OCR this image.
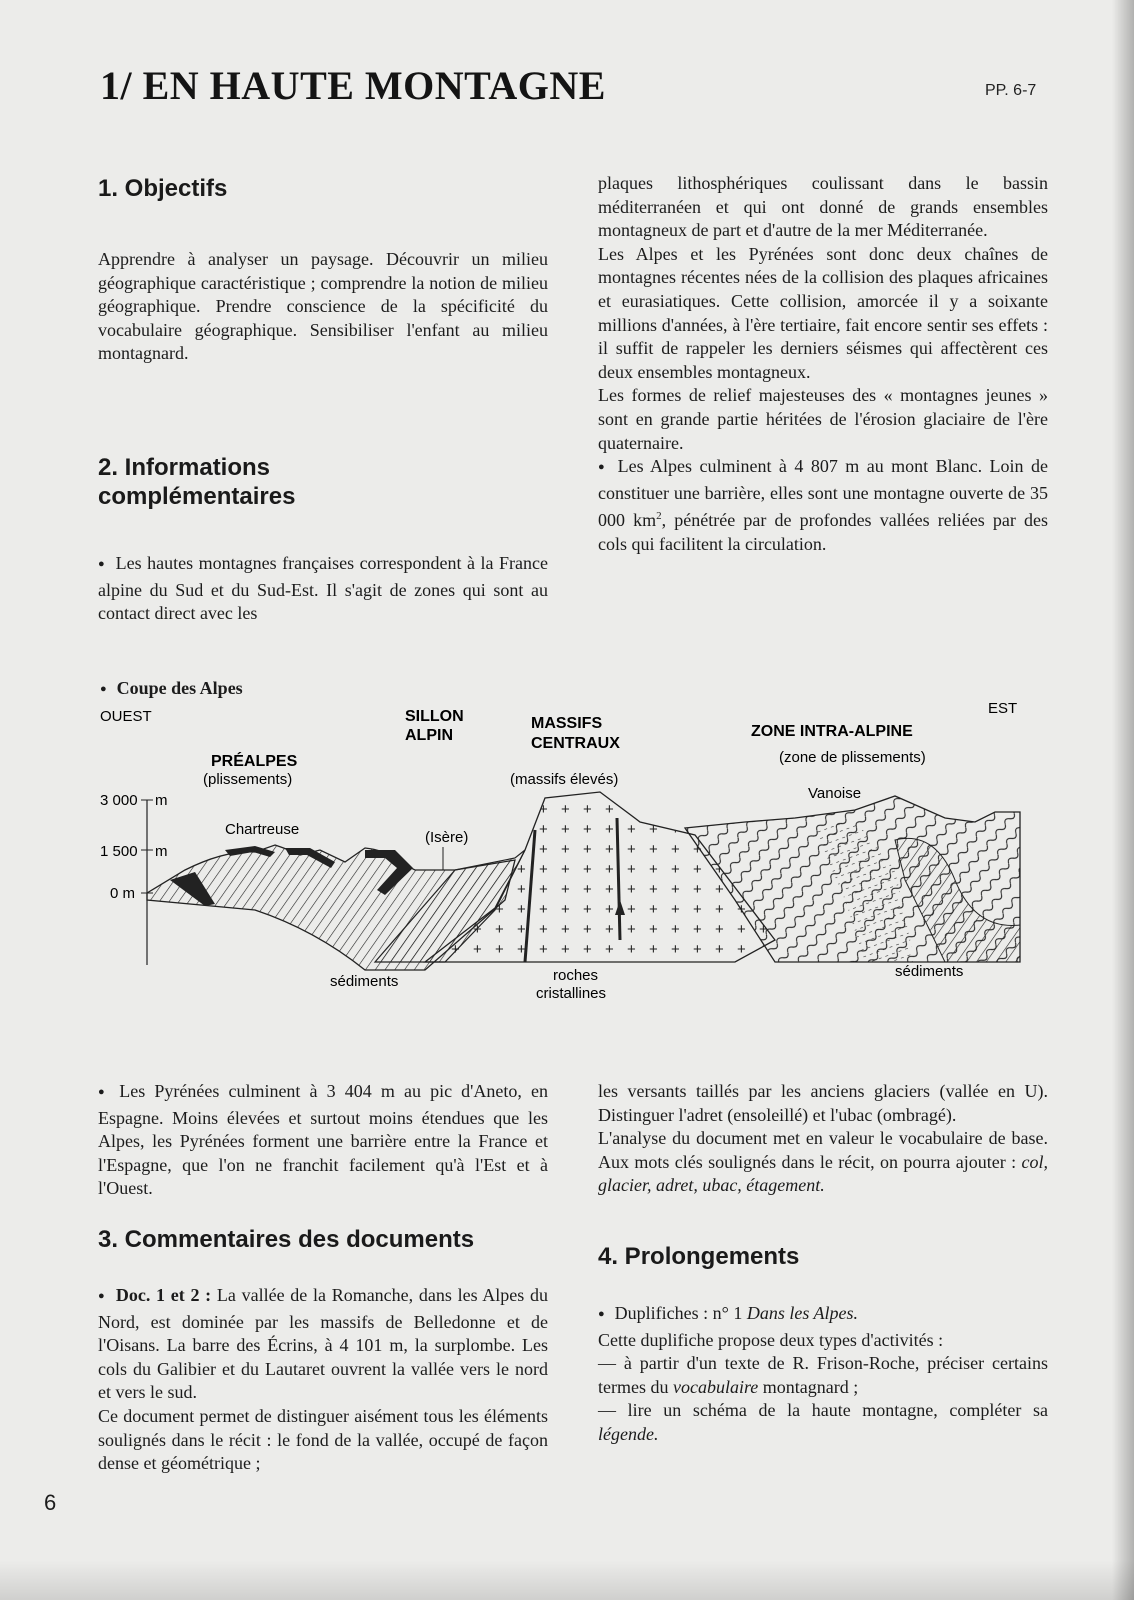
1/ EN HAUTE MONTAGNE	PP. 6-7
1. Objectifs

Apprendre à analyser un paysage. Découvrir un milieu géographique caractéristique ; comprendre la notion de milieu géographique. Prendre conscience de la spécificité du vocabulaire géographique. Sensibiliser l'enfant au milieu montagnard.

2. Informations
complémentaires

● Les hautes montagnes françaises correspondent à la France alpine du Sud et du Sud-Est. Il s'agit de zones qui sont au contact direct avec les

plaques lithosphériques coulissant dans le bassin méditerranéen et qui ont donné de grands ensembles montagneux de part et d'autre de la mer Méditerranée.

Les Alpes et les Pyrénées sont donc deux chaînes de montagnes récentes nées de la collision des plaques africaines et eurasiatiques. Cette collision, amorcée il y a soixante millions d'années, à l'ère tertiaire, fait encore sentir ses effets : il suffit de rappeler les derniers séismes qui affectèrent ces deux ensembles montagneux.

Les formes de relief majesteuses des « montagnes jeunes » sont en grande partie héritées de l'érosion glaciaire de l'ère quaternaire.

● Les Alpes culminent à 4 807 m au mont Blanc. Loin de constituer une barrière, elles sont une montagne ouverte de 35 000 $km^2$, pénétrée par de profondes vallées reliées par des cols qui facilitent la circulation.

● Coupe des Alpes
3 000 m
1 500 m
0 m
OUEST	EST
PRÉALPES
(plissements)
SILLON
ALPIN
MASSIFS
CENTRAUX
(massifs élevés)
ZONE INTRA-ALPINE
(zone de plissements)
Chartreuse	(Isère)
Vanoise
sédiments	roches
cristallines
sédiments

● Les Pyrénées culminent à 3 404 m au pic d'Aneto, en Espagne. Moins élevées et surtout moins étendues que les Alpes, les Pyrénées forment une barrière entre la France et l'Espagne, que l'on ne franchit facilement qu'à l'Est et à l'Ouest.

3. Commentaires des documents

● Doc. 1 et 2 : La vallée de la Romanche, dans les Alpes du Nord, est dominée par les massifs de Belledonne et de l'Oisans. La barre des Écrins, à 4 101 m, la surplombe. Les cols du Galibier et du Lautaret ouvrent la vallée vers le nord et vers le sud.

Ce document permet de distinguer aisément tous les éléments soulignés dans le récit : le fond de la vallée, occupé de façon dense et géométrique ;

les versants taillés par les anciens glaciers (vallée en U). Distinguer l'adret (ensoleillé) et l'ubac (ombragé).

L'analyse du document met en valeur le vocabulaire de base. Aux mots clés soulignés dans le récit, on pourra ajouter : col, glacier, adret, ubac, étagement.

4. Prolongements

● Duplifiches : n° 1 Dans les Alpes.

Cette duplifiche propose deux types d'activités :

— à partir d'un texte de R. Frison-Roche, préciser certains termes du vocabulaire montagnard ;

— lire un schéma de la haute montagne, compléter sa légende.

6
